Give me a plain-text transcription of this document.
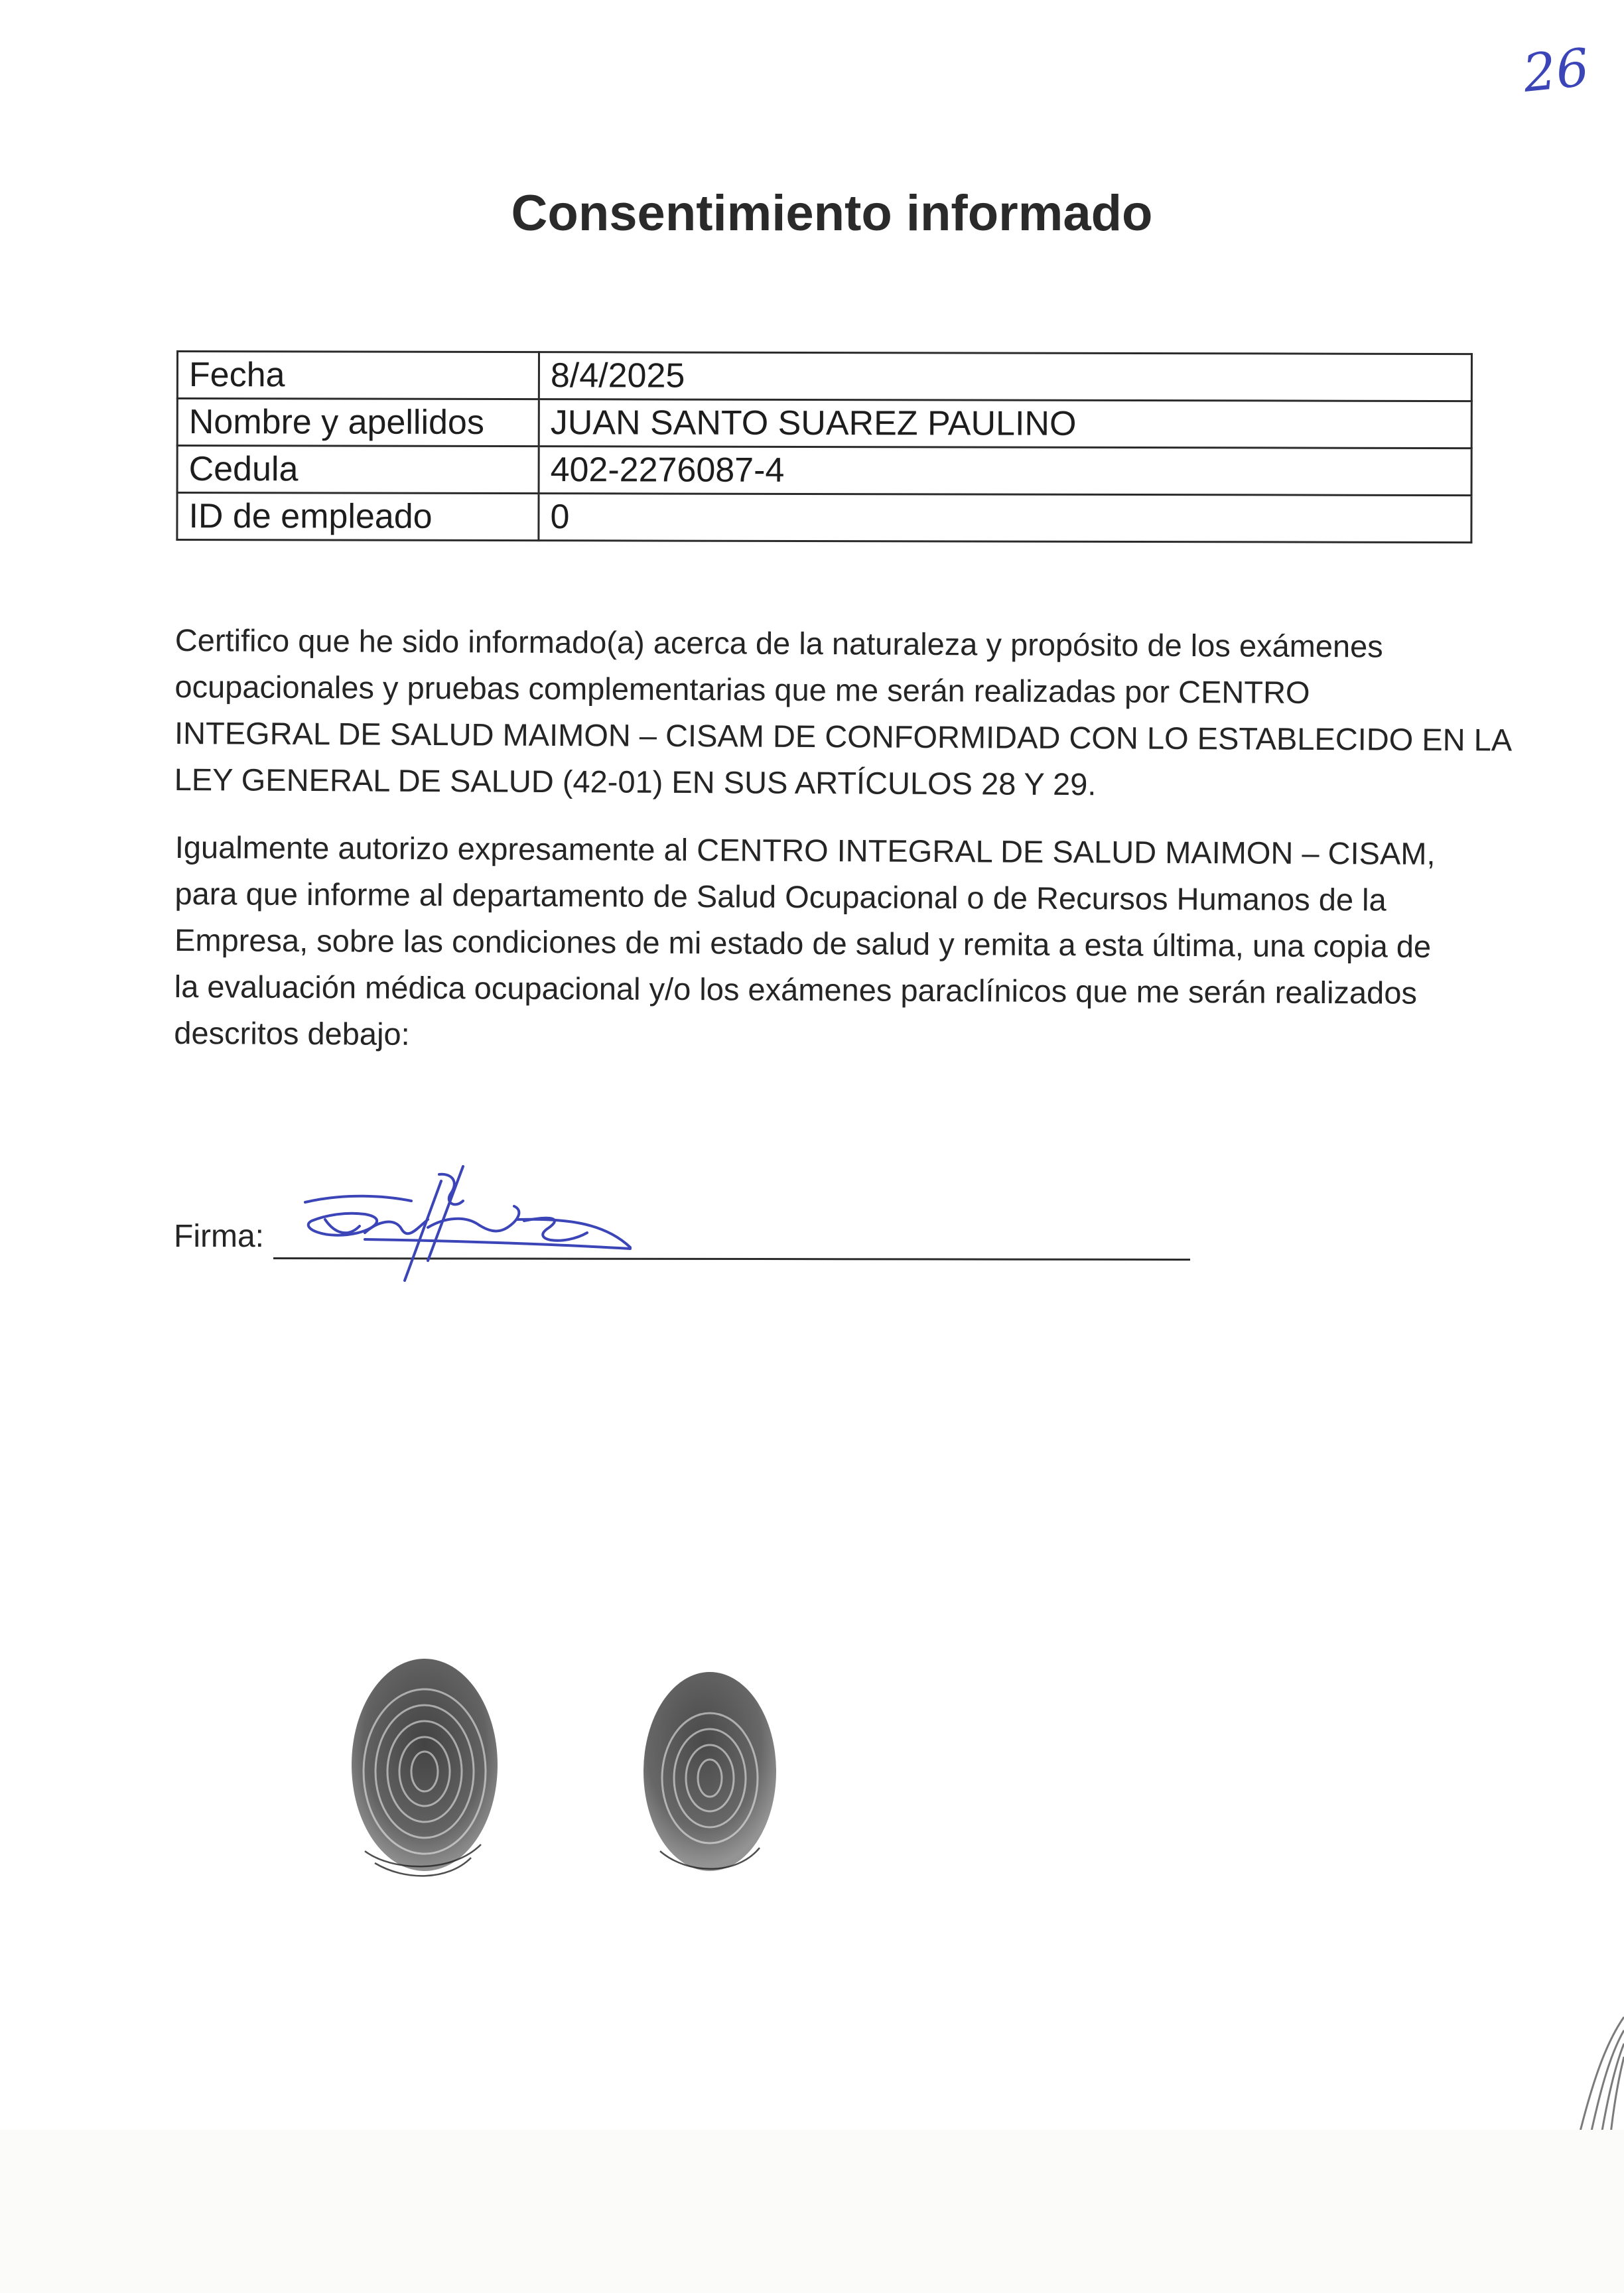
26
Consentimiento informado
Fecha	8/4/2025
Nombre y apellidos	JUAN SANTO SUAREZ PAULINO
Cedula	402-2276087-4
ID de empleado	0
Certifico que he sido informado(a) acerca de la naturaleza y propósito de los exámenes
ocupacionales y pruebas complementarias que me serán realizadas por CENTRO
INTEGRAL DE SALUD MAIMON – CISAM DE CONFORMIDAD CON LO ESTABLECIDO EN LA
LEY GENERAL DE SALUD (42-01) EN SUS ARTÍCULOS 28 Y 29.
Igualmente autorizo expresamente al CENTRO INTEGRAL DE SALUD MAIMON – CISAM,
para que informe al departamento de Salud Ocupacional o de Recursos Humanos de la
Empresa, sobre las condiciones de mi estado de salud y remita a esta última, una copia de
la evaluación médica ocupacional y/o los exámenes paraclínicos que me serán realizados
descritos debajo:
Firma:
